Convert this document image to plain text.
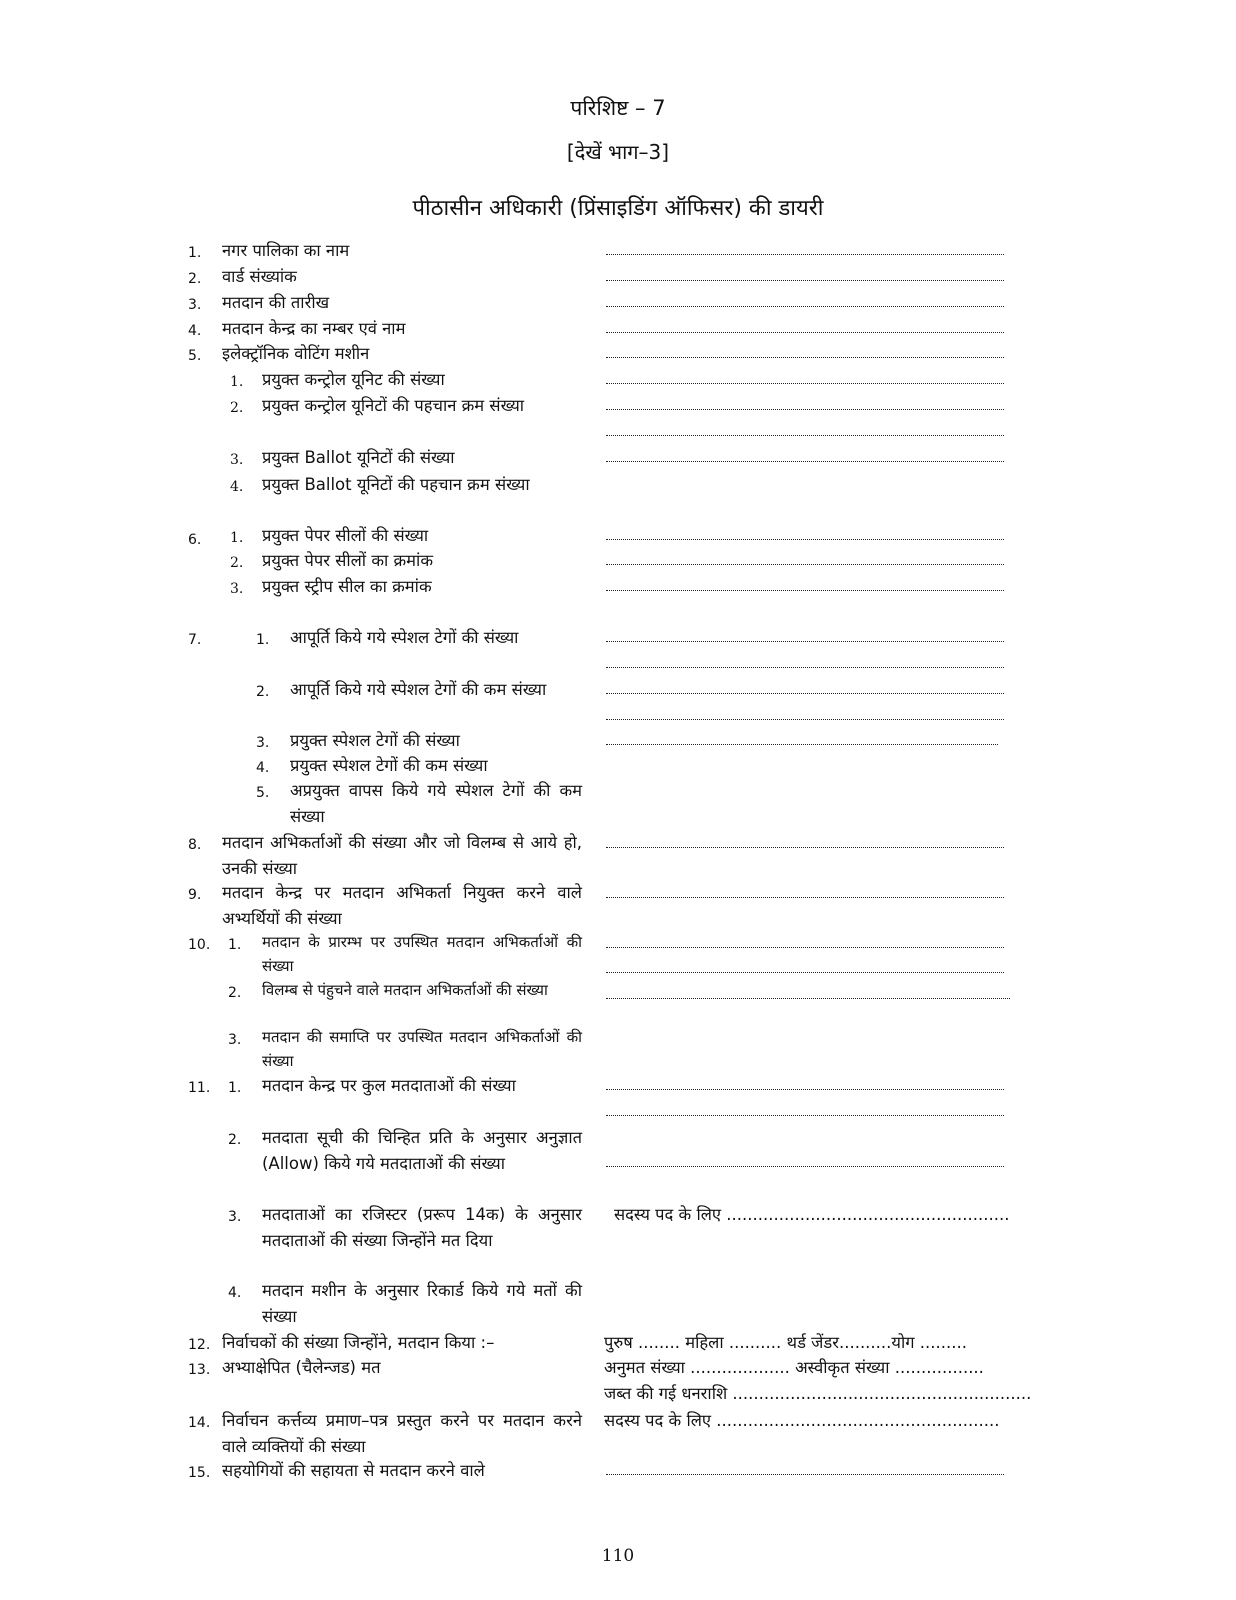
परिशिष्ट – 7
[देखें भाग–3]
पीठासीन अधिकारी (प्रिंसाइडिंग ऑफिसर) की डायरी
1. नगर पालिका का नाम
2. वार्ड संख्यांक
3. मतदान की तारीख
4. मतदान केन्द्र का नम्बर एवं नाम
5. इलेक्ट्रॉनिक वोटिंग मशीन
1. प्रयुक्त कन्ट्रोल यूनिट की संख्या
2. प्रयुक्त कन्ट्रोल यूनिटों की पहचान क्रम संख्या
3. प्रयुक्त Ballot यूनिटों की संख्या
4. प्रयुक्त Ballot यूनिटों की पहचान क्रम संख्या
6. 1. प्रयुक्त पेपर सीलों की संख्या
2. प्रयुक्त पेपर सीलों का क्रमांक
3. प्रयुक्त स्ट्रीप सील का क्रमांक
7.	1. आपूर्ति किये गये स्पेशल टेगों की संख्या
2. आपूर्ति किये गये स्पेशल टेगों की कम संख्या
3. प्रयुक्त स्पेशल टेगों की संख्या
4. प्रयुक्त स्पेशल टेगों की कम संख्या
5. अप्रयुक्त वापस किये गये स्पेशल टेगों की कम संख्या
8. मतदान अभिकर्ताओं की संख्या और जो विलम्ब से आये हो, उनकी संख्या
9. मतदान केन्द्र पर मतदान अभिकर्ता नियुक्त करने वाले अभ्यर्थियों की संख्या
10. 1. मतदान के प्रारम्भ पर उपस्थित मतदान अभिकर्ताओं की संख्या
2. विलम्ब से पंहुचने वाले मतदान अभिकर्ताओं की संख्या
3. मतदान की समाप्ति पर उपस्थित मतदान अभिकर्ताओं की संख्या
11. 1. मतदान केन्द्र पर कुल मतदाताओं की संख्या
2. मतदाता सूची की चिन्हित प्रति के अनुसार अनुज्ञात (Allow) किये गये मतदाताओं की संख्या
3. मतदाताओं का रजिस्टर (प्ररूप 14क) के अनुसार मतदाताओं की संख्या जिन्होंने मत दिया
4. मतदान मशीन के अनुसार रिकार्ड किये गये मतों की संख्या
12. निर्वाचकों की संख्या जिन्होंने, मतदान किया :–
13. अभ्याक्षेपित (चैलेन्जड) मत
14. निर्वाचन कर्त्तव्य प्रमाण–पत्र प्रस्तुत करने पर मतदान करने वाले व्यक्तियों की संख्या
15. सहयोगियों की सहायता से मतदान करने वाले
सदस्य पद के लिए ......................................................
पुरुष ........ महिला .......... थर्ड जेंडर..........योग .........
अनुमत संख्या ................... अस्वीकृत संख्या .................
जब्त की गई धनराशि .........................................................
सदस्य पद के लिए ......................................................
110
